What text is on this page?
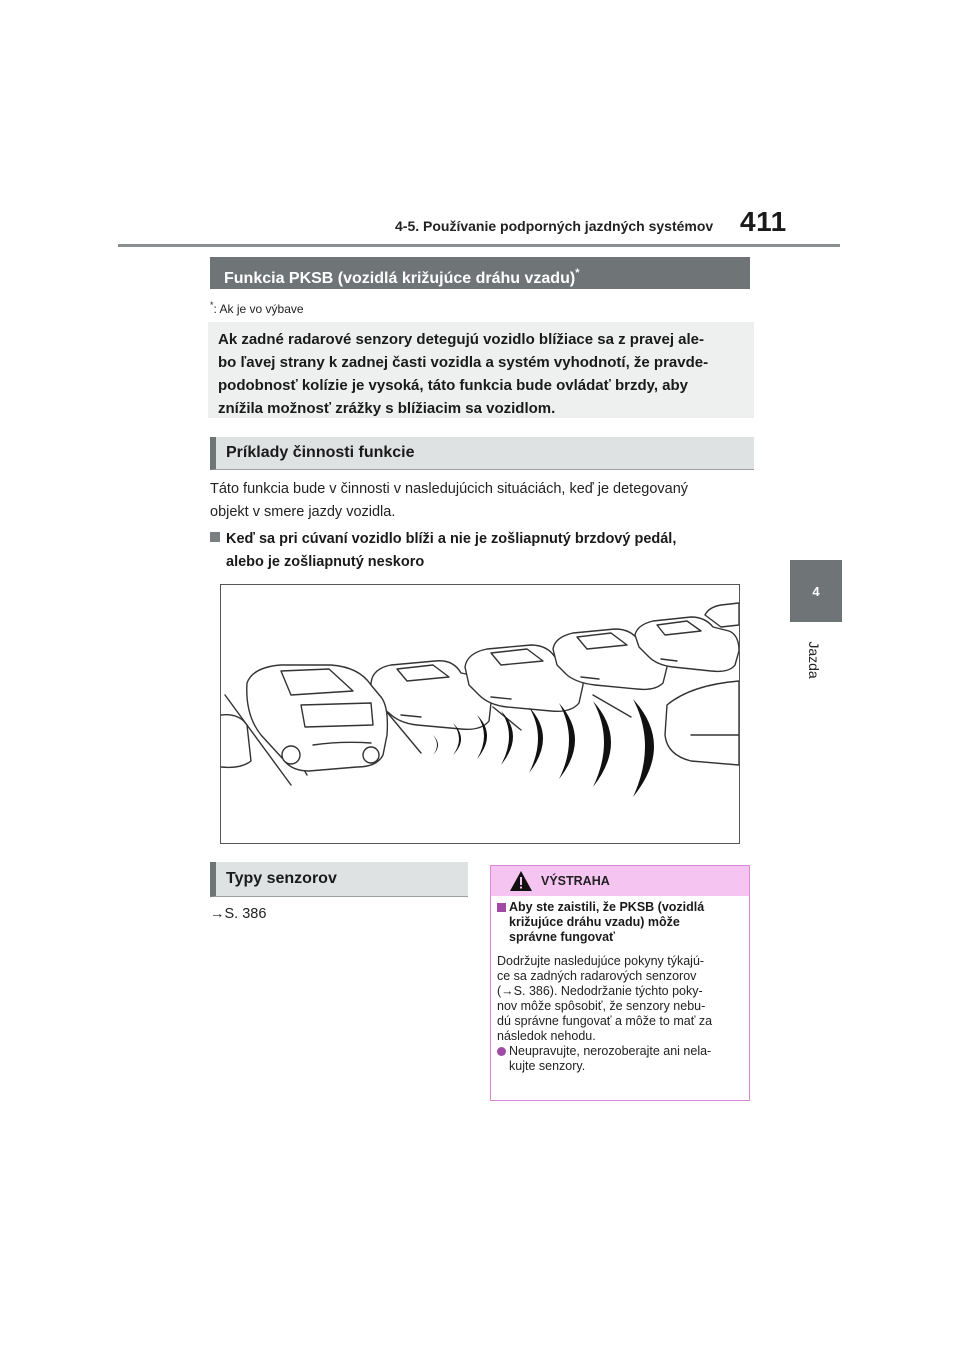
4-5. Používanie podporných jazdných systémov 411
4
Jazda
Funkcia PKSB (vozidlá križujúce dráhu vzadu)*
*: Ak je vo výbave
Ak zadné radarové senzory detegujú vozidlo blížiace sa z pravej ale-
bo ľavej strany k zadnej časti vozidla a systém vyhodnotí, že pravde-
podobnosť kolízie je vysoká, táto funkcia bude ovládať brzdy, aby
znížila možnosť zrážky s blížiacim sa vozidlom.
Príklady činnosti funkcie
Táto funkcia bude v činnosti v nasledujúcich situáciách, keď je detegovaný
objekt v smere jazdy vozidla.
Keď sa pri cúvaní vozidlo blíži a nie je zošliapnutý brzdový pedál,
alebo je zošliapnutý neskoro
Typy senzorov
→S. 386
VÝSTRAHA
Aby ste zaistili, že PKSB (vozidlá
križujúce dráhu vzadu) môže
správne fungovať
Dodržujte nasledujúce pokyny týkajú-
ce sa zadných radarových senzorov
(→S. 386). Nedodržanie týchto poky-
nov môže spôsobiť, že senzory nebu-
dú správne fungovať a môže to mať za
následok nehodu.
Neupravujte, nerozoberajte ani nela-
kujte senzory.
